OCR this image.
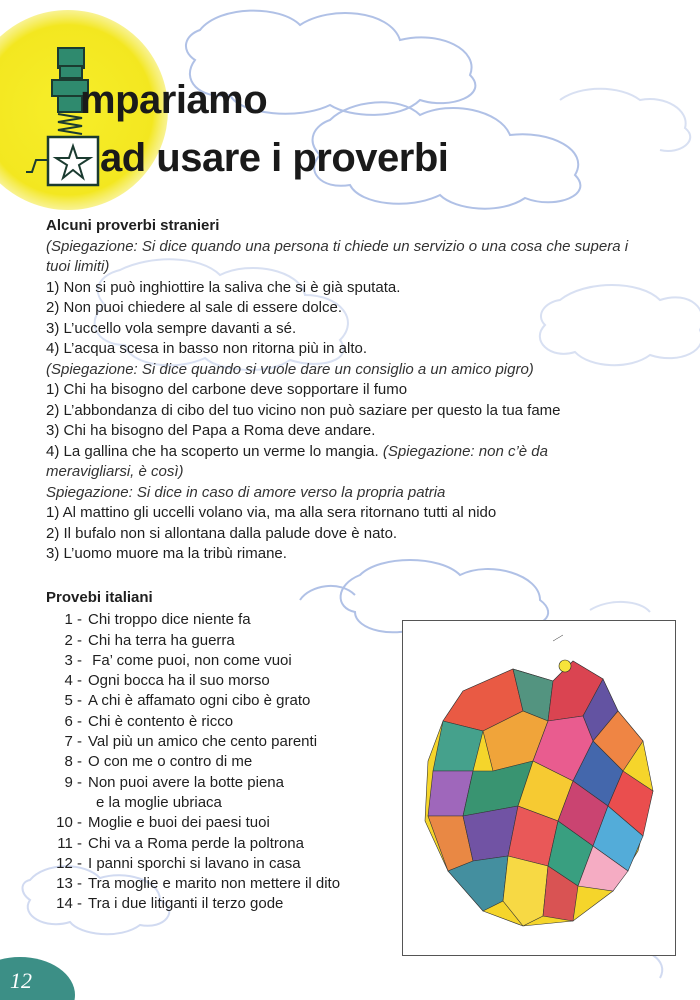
mpariamo
ad usare i proverbi

Alcuni proverbi stranieri

(Spiegazione: Si dice quando una persona ti chiede un servizio o una cosa che supera i tuoi limiti)

1) Non si può inghiottire la saliva che si è già sputata.

2) Non puoi chiedere al sale di essere dolce.

3) L’uccello vola sempre davanti a sé.

4) L’acqua scesa in basso non ritorna più in alto.

(Spiegazione: Si dice quando si vuole dare un consiglio a un amico pigro)

1) Chi ha bisogno del carbone deve sopportare il fumo

2) L’abbondanza di cibo del tuo vicino non può saziare per questo la tua fame

3) Chi ha bisogno del Papa a Roma deve andare.

4) La gallina che ha scoperto un verme lo mangia. (Spiegazione: non c’è da

meravigliarsi, è così)

Spiegazione: Si dice in caso di amore verso la propria patria

1) Al mattino gli uccelli volano via, ma alla sera ritornano tutti al nido

2) Il bufalo non si allontana dalla palude dove è nato.

3) L’uomo muore ma la tribù rimane.

Provebi italiani

1 - Chi troppo dice niente fa

2 - Chi ha terra ha guerra

3 - Fa’ come puoi, non come vuoi

4 - Ogni bocca ha il suo morso

5 - A chi è affamato ogni cibo è grato

6 - Chi è contento è ricco

7 - Val più un amico che cento parenti

8 - O con me o contro di me

9 - Non puoi avere la botte piena

e la moglie ubriaca

10 - Moglie e buoi dei paesi tuoi

11 - Chi va a Roma perde la poltrona

12 - I panni sporchi si lavano in casa

13 - Tra moglie e marito non mettere il dito

14 - Tra i due litiganti il terzo gode

12
